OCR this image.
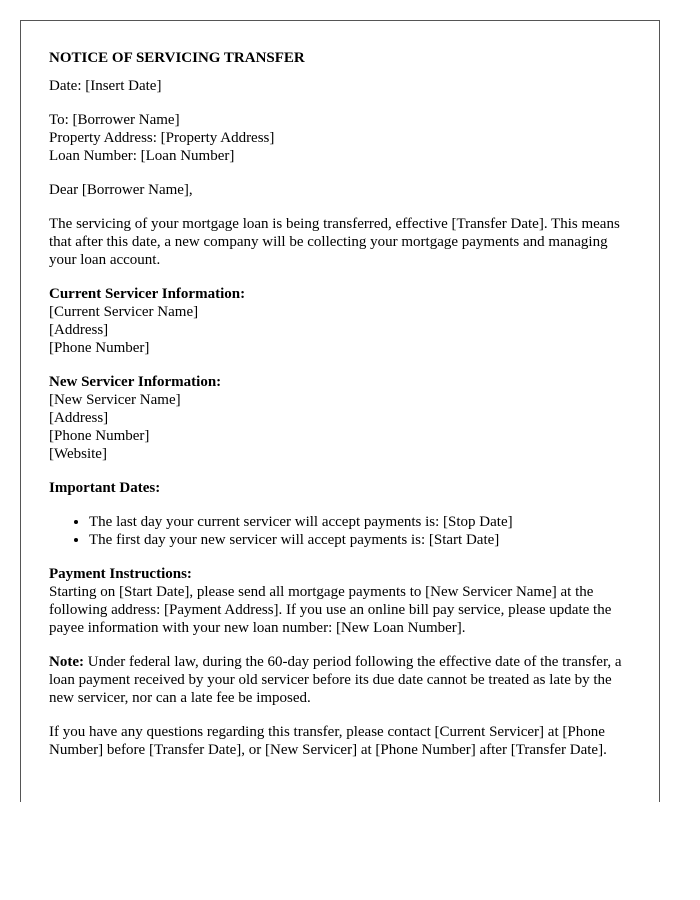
NOTICE OF SERVICING TRANSFER

Date: [Insert Date]

To: [Borrower Name]
Property Address: [Property Address]
Loan Number: [Loan Number]

Dear [Borrower Name],

The servicing of your mortgage loan is being transferred, effective [Transfer Date]. This means that after this date, a new company will be collecting your mortgage payments and managing your loan account.

Current Servicer Information:
[Current Servicer Name]
[Address]
[Phone Number]
New Servicer Information:
[New Servicer Name]
[Address]
[Phone Number]
[Website]
Important Dates:
• The last day your current servicer will accept payments is: [Stop Date]
• The first day your new servicer will accept payments is: [Start Date]
Payment Instructions:
Starting on [Start Date], please send all mortgage payments to [New Servicer Name] at the following address: [Payment Address]. If you use an online bill pay service, please update the payee information with your new loan number: [New Loan Number].

Note: Under federal law, during the 60-day period following the effective date of the transfer, a loan payment received by your old servicer before its due date cannot be treated as late by the new servicer, nor can a late fee be imposed.

If you have any questions regarding this transfer, please contact [Current Servicer] at [Phone Number] before [Transfer Date], or [New Servicer] at [Phone Number] after [Transfer Date].
